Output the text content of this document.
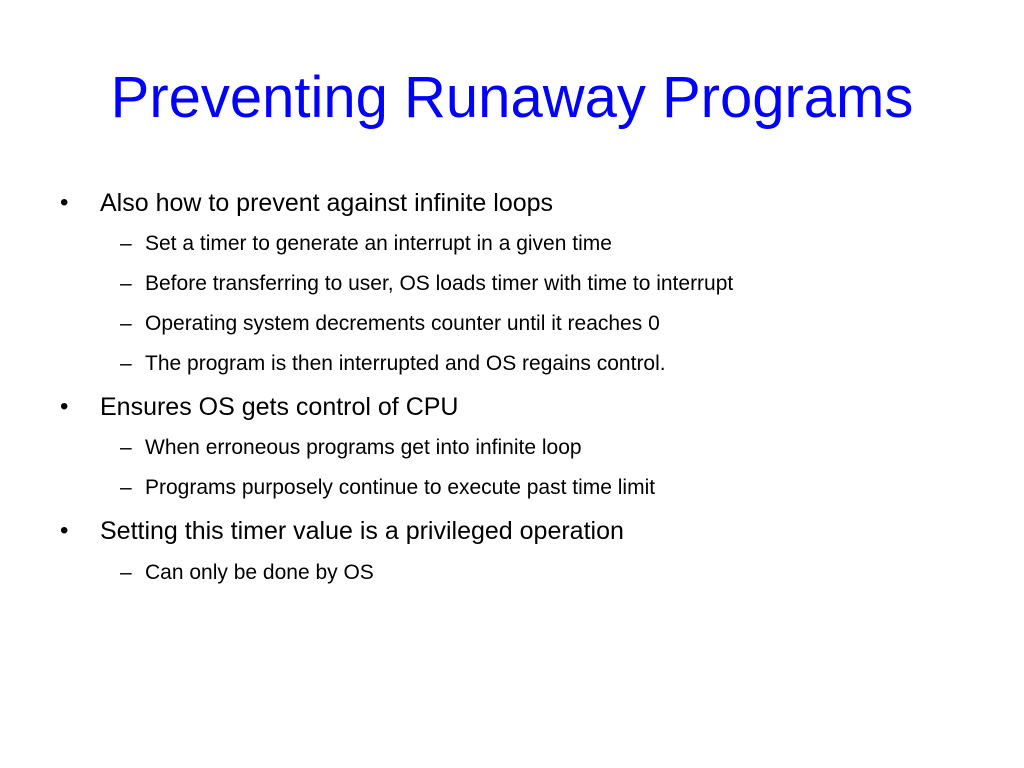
Preventing Runaway Programs
• Also how to prevent against infinite loops
– Set a timer to generate an interrupt in a given time
– Before transferring to user, OS loads timer with time to interrupt
– Operating system decrements counter until it reaches 0
– The program is then interrupted and OS regains control.
• Ensures OS gets control of CPU
– When erroneous programs get into infinite loop
– Programs purposely continue to execute past time limit
• Setting this timer value is a privileged operation
– Can only be done by OS
